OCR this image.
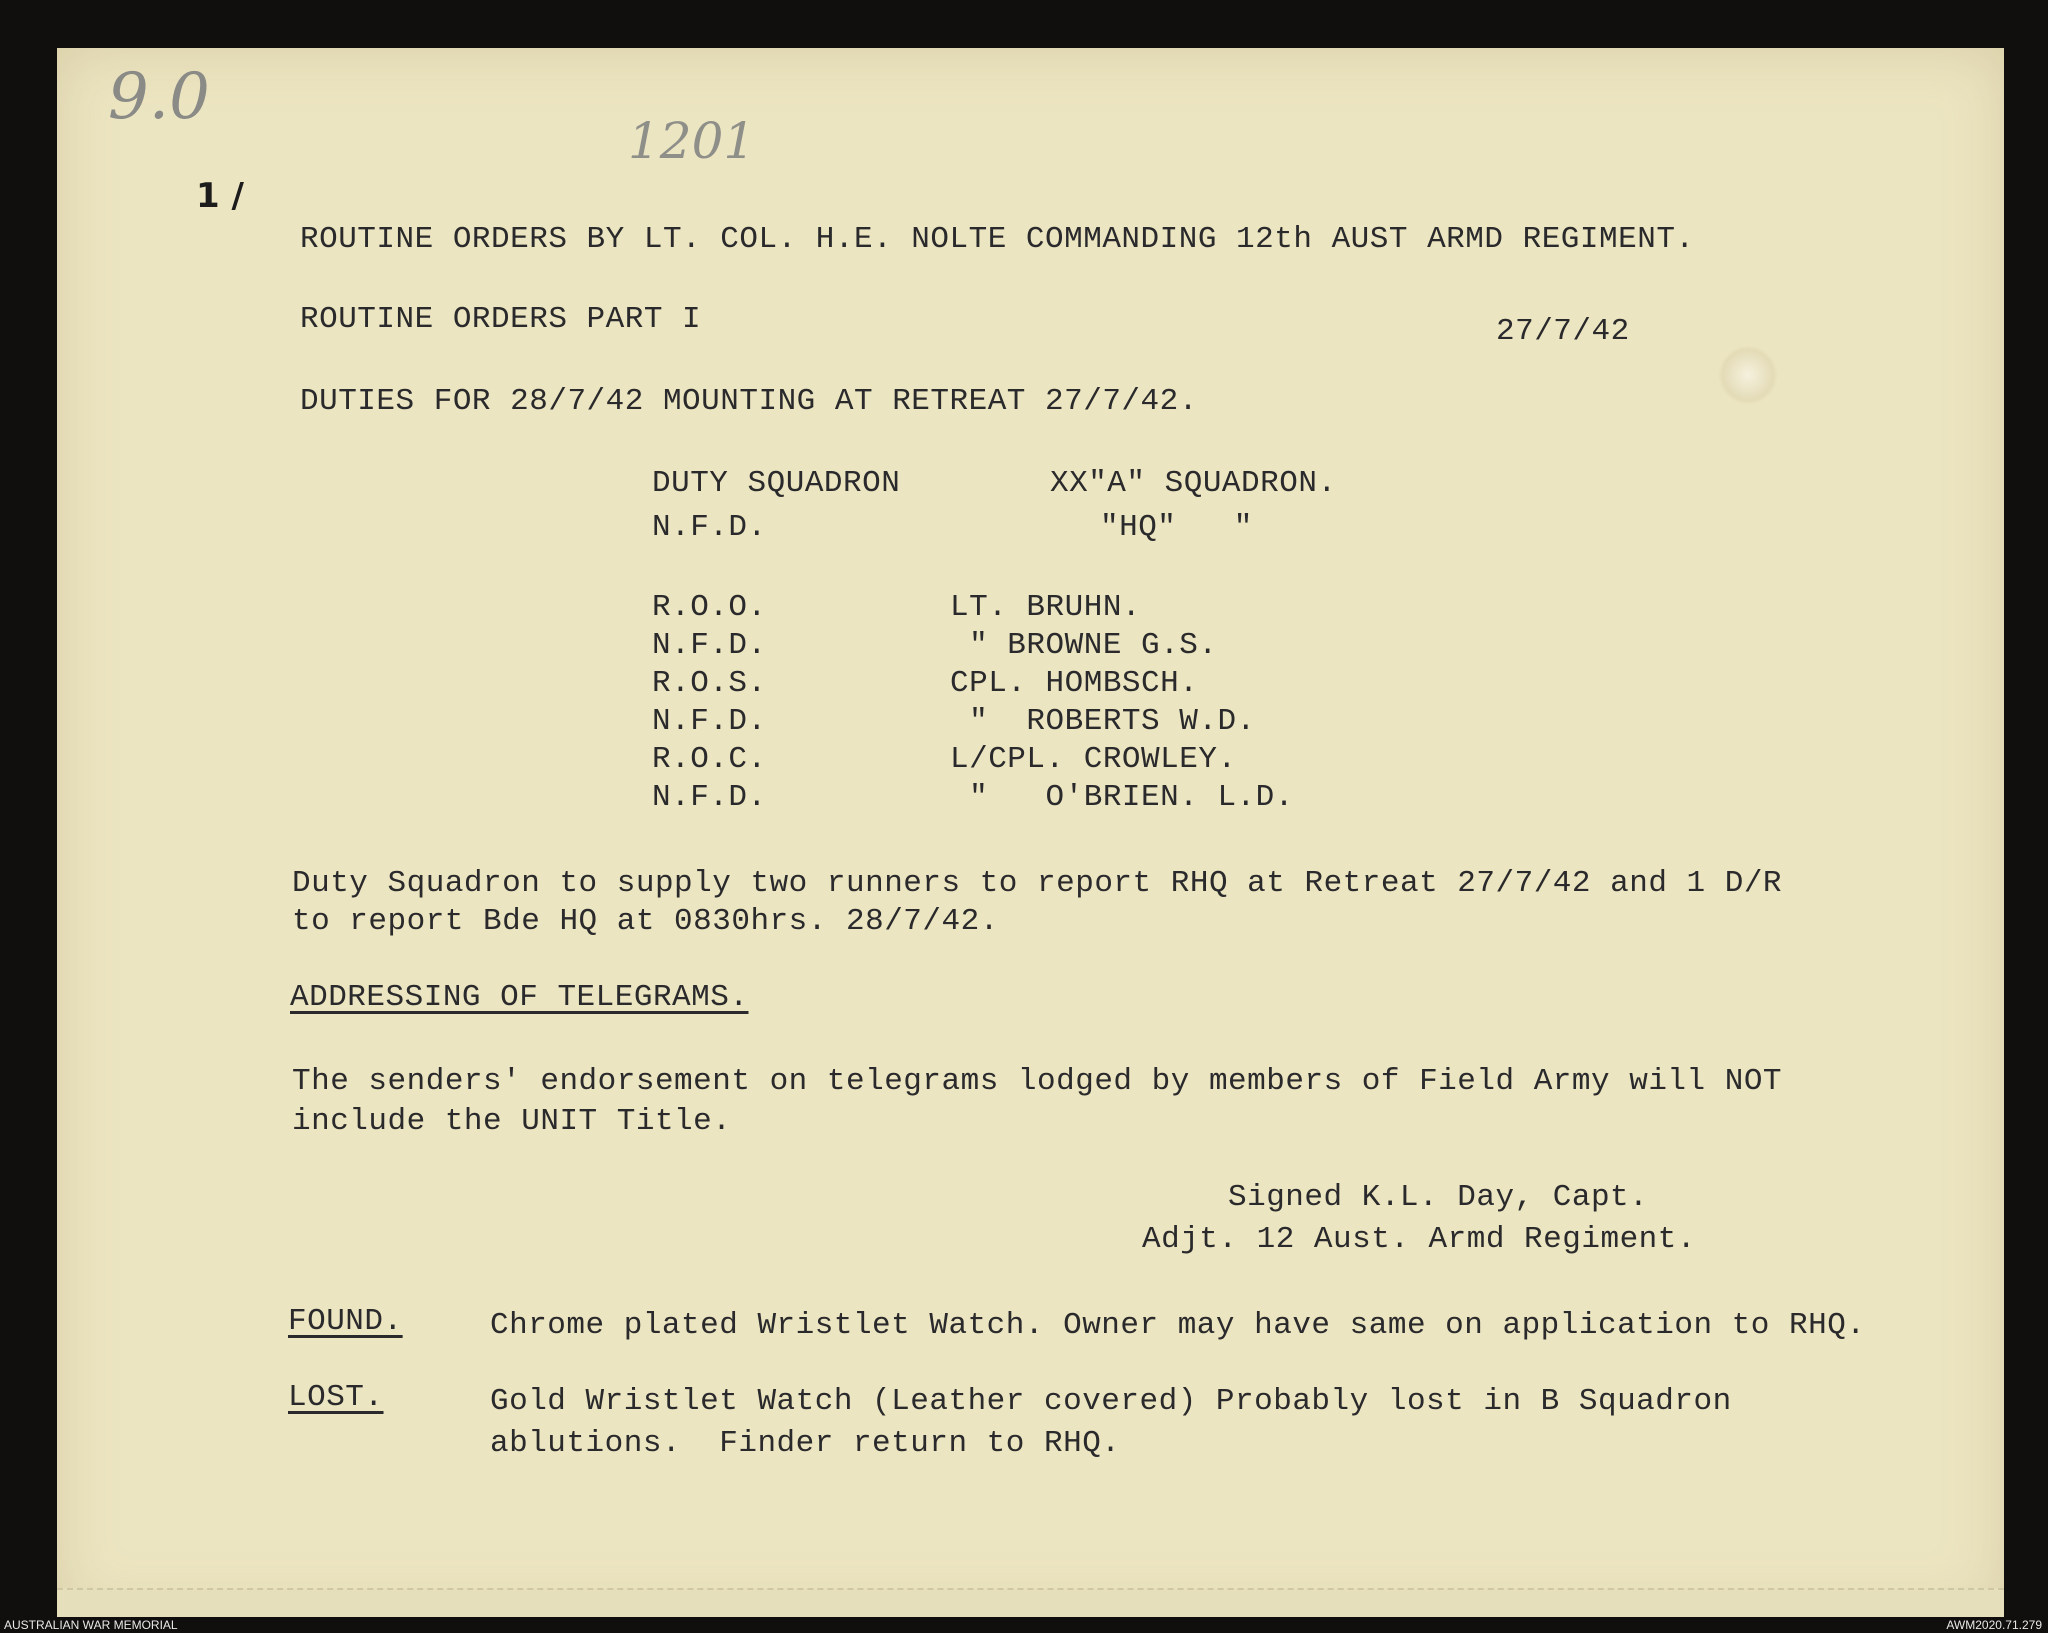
9.0
1201
1 /
ROUTINE ORDERS BY LT. COL. H.E. NOLTE COMMANDING 12th AUST ARMD REGIMENT.
ROUTINE ORDERS PART I	27/7/42
DUTIES FOR 28/7/42 MOUNTING AT RETREAT 27/7/42.
DUTY SQUADRON	XX"A" SQUADRON.
N.F.D.	"HQ"   "
R.O.O.	LT. BRUHN.
N.F.D.	" BROWNE G.S.
R.O.S.	CPL. HOMBSCH.
N.F.D.	"  ROBERTS W.D.
R.O.C.	L/CPL. CROWLEY.
N.F.D.	"   O'BRIEN. L.D.
Duty Squadron to supply two runners to report RHQ at Retreat 27/7/42 and 1 D/R
to report Bde HQ at 0830hrs. 28/7/42.
ADDRESSING OF TELEGRAMS.
The senders' endorsement on telegrams lodged by members of Field Army will NOT
include the UNIT Title.
Signed K.L. Day, Capt.
Adjt. 12 Aust. Armd Regiment.
FOUND.	Chrome plated Wristlet Watch. Owner may have same on application to RHQ.
LOST.	Gold Wristlet Watch (Leather covered) Probably lost in B Squadron
ablutions.  Finder return to RHQ.
AUSTRALIAN WAR MEMORIAL	AWM2020.71.279
